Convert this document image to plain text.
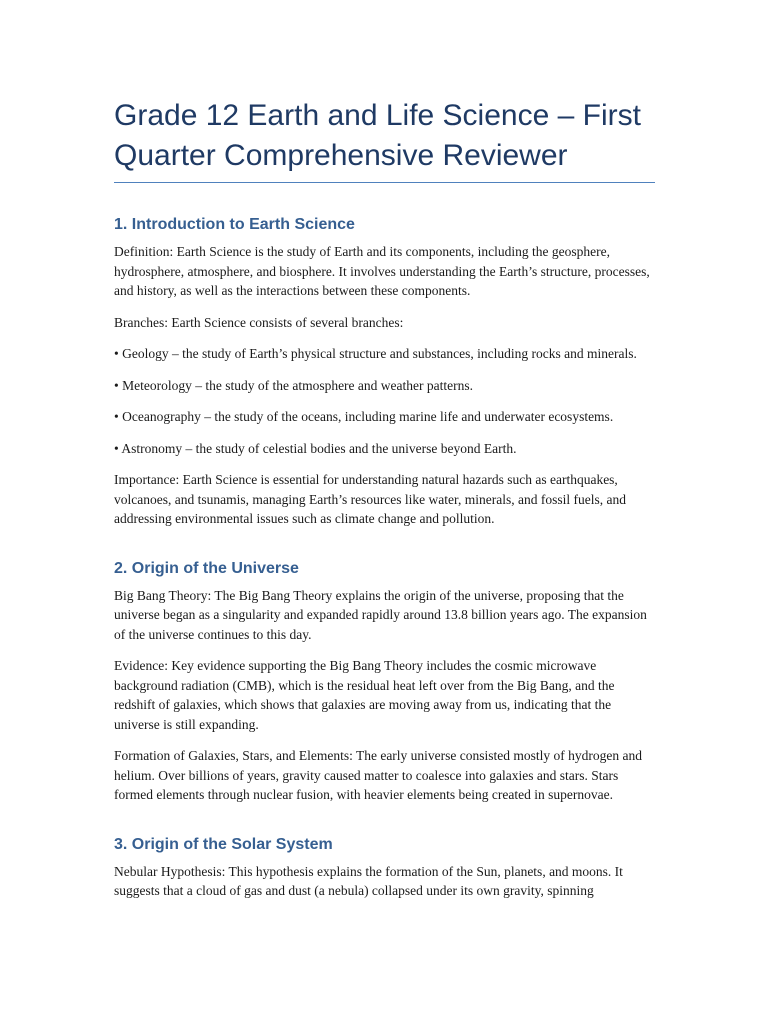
Grade 12 Earth and Life Science – First Quarter Comprehensive Reviewer
1. Introduction to Earth Science

Definition: Earth Science is the study of Earth and its components, including the geosphere, hydrosphere, atmosphere, and biosphere. It involves understanding the Earth’s structure, processes, and history, as well as the interactions between these components.

Branches: Earth Science consists of several branches:

• Geology – the study of Earth’s physical structure and substances, including rocks and minerals.

• Meteorology – the study of the atmosphere and weather patterns.

• Oceanography – the study of the oceans, including marine life and underwater ecosystems.

• Astronomy – the study of celestial bodies and the universe beyond Earth.

Importance: Earth Science is essential for understanding natural hazards such as earthquakes, volcanoes, and tsunamis, managing Earth’s resources like water, minerals, and fossil fuels, and addressing environmental issues such as climate change and pollution.

2. Origin of the Universe

Big Bang Theory: The Big Bang Theory explains the origin of the universe, proposing that the universe began as a singularity and expanded rapidly around 13.8 billion years ago. The expansion of the universe continues to this day.

Evidence: Key evidence supporting the Big Bang Theory includes the cosmic microwave background radiation (CMB), which is the residual heat left over from the Big Bang, and the redshift of galaxies, which shows that galaxies are moving away from us, indicating that the universe is still expanding.

Formation of Galaxies, Stars, and Elements: The early universe consisted mostly of hydrogen and helium. Over billions of years, gravity caused matter to coalesce into galaxies and stars. Stars formed elements through nuclear fusion, with heavier elements being created in supernovae.

3. Origin of the Solar System

Nebular Hypothesis: This hypothesis explains the formation of the Sun, planets, and moons. It suggests that a cloud of gas and dust (a nebula) collapsed under its own gravity, spinning
